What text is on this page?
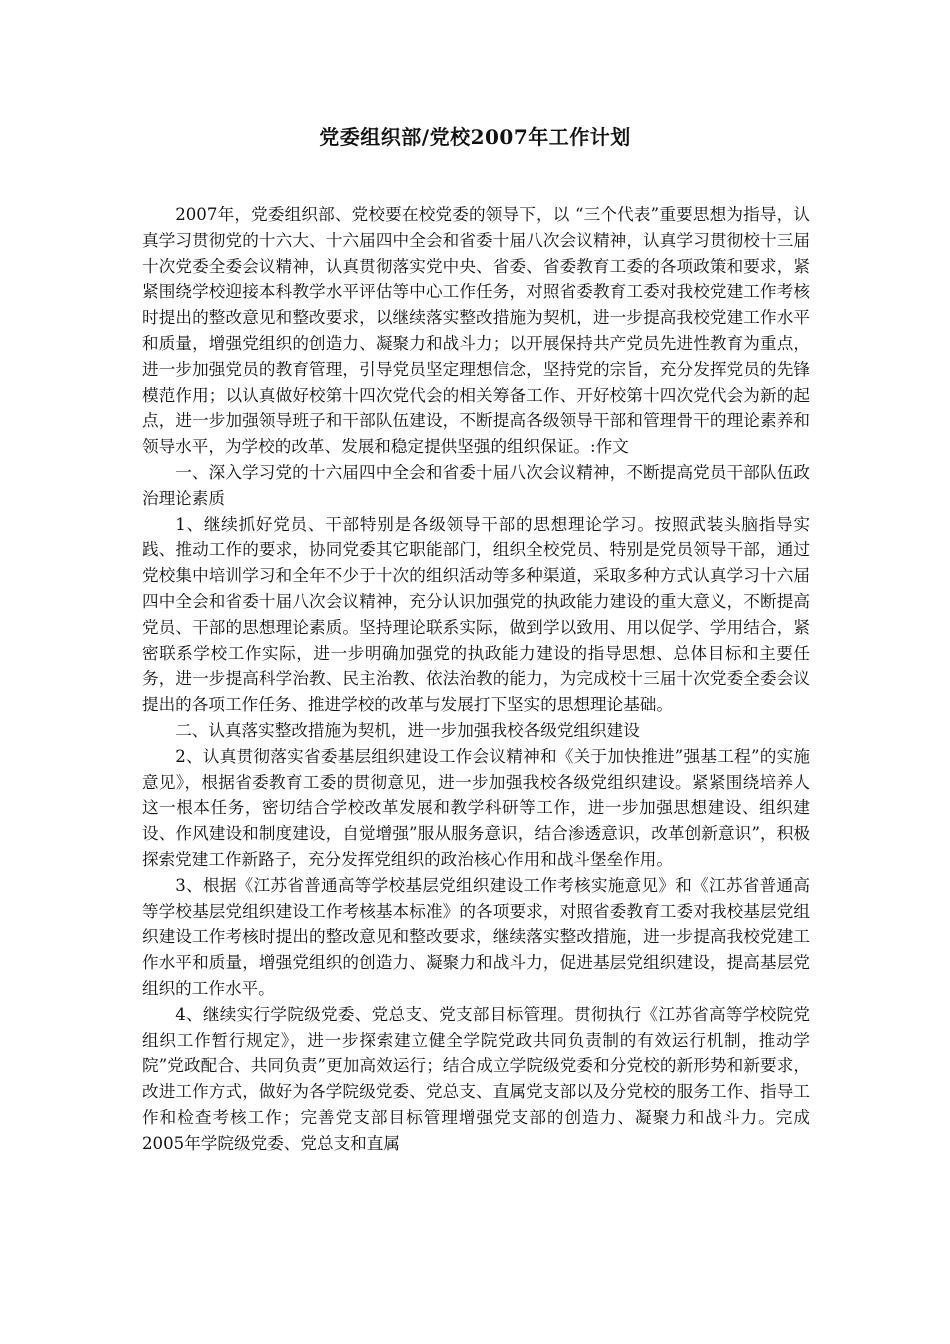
党委组织部/党校2007年工作计划

2007年，党委组织部、党校要在校党委的领导下，以 “三个代表”重要思想为指导，认真学习贯彻党的十六大、十六届四中全会和省委十届八次会议精神，认真学习贯彻校十三届十次党委全委会议精神，认真贯彻落实党中央、省委、省委教育工委的各项政策和要求，紧紧围绕学校迎接本科教学水平评估等中心工作任务，对照省委教育工委对我校党建工作考核时提出的整改意见和整改要求，以继续落实整改措施为契机，进一步提高我校党建工作水平和质量，增强党组织的创造力、凝聚力和战斗力；以开展保持共产党员先进性教育为重点，进一步加强党员的教育管理，引导党员坚定理想信念，坚持党的宗旨，充分发挥党员的先锋模范作用；以认真做好校第十四次党代会的相关筹备工作、开好校第十四次党代会为新的起点，进一步加强领导班子和干部队伍建设，不断提高各级领导干部和管理骨干的理论素养和领导水平，为学校的改革、发展和稳定提供坚强的组织保证。:作文

一、深入学习党的十六届四中全会和省委十届八次会议精神，不断提高党员干部队伍政治理论素质

1、继续抓好党员、干部特别是各级领导干部的思想理论学习。按照武装头脑指导实践、推动工作的要求，协同党委其它职能部门，组织全校党员、特别是党员领导干部，通过党校集中培训学习和全年不少于十次的组织活动等多种渠道，采取多种方式认真学习十六届四中全会和省委十届八次会议精神，充分认识加强党的执政能力建设的重大意义，不断提高党员、干部的思想理论素质。坚持理论联系实际，做到学以致用、用以促学、学用结合，紧密联系学校工作实际，进一步明确加强党的执政能力建设的指导思想、总体目标和主要任务，进一步提高科学治教、民主治教、依法治教的能力，为完成校十三届十次党委全委会议提出的各项工作任务、推进学校的改革与发展打下坚实的思想理论基础。

二、认真落实整改措施为契机，进一步加强我校各级党组织建设

2、认真贯彻落实省委基层组织建设工作会议精神和《关于加快推进”强基工程”的实施意见》，根据省委教育工委的贯彻意见，进一步加强我校各级党组织建设。紧紧围绕培养人这一根本任务，密切结合学校改革发展和教学科研等工作，进一步加强思想建设、组织建设、作风建设和制度建设，自觉增强”服从服务意识，结合渗透意识，改革创新意识”，积极探索党建工作新路子，充分发挥党组织的政治核心作用和战斗堡垒作用。

3、根据《江苏省普通高等学校基层党组织建设工作考核实施意见》和《江苏省普通高等学校基层党组织建设工作考核基本标准》的各项要求，对照省委教育工委对我校基层党组织建设工作考核时提出的整改意见和整改要求，继续落实整改措施，进一步提高我校党建工作水平和质量，增强党组织的创造力、凝聚力和战斗力，促进基层党组织建设，提高基层党组织的工作水平。

4、继续实行学院级党委、党总支、党支部目标管理。贯彻执行《江苏省高等学校院党组织工作暂行规定》，进一步探索建立健全学院党政共同负责制的有效运行机制，推动学院”党政配合、共同负责”更加高效运行；结合成立学院级党委和分党校的新形势和新要求，改进工作方式，做好为各学院级党委、党总支、直属党支部以及分党校的服务工作、指导工作和检查考核工作；完善党支部目标管理增强党支部的创造力、凝聚力和战斗力。完成2005年学院级党委、党总支和直属
